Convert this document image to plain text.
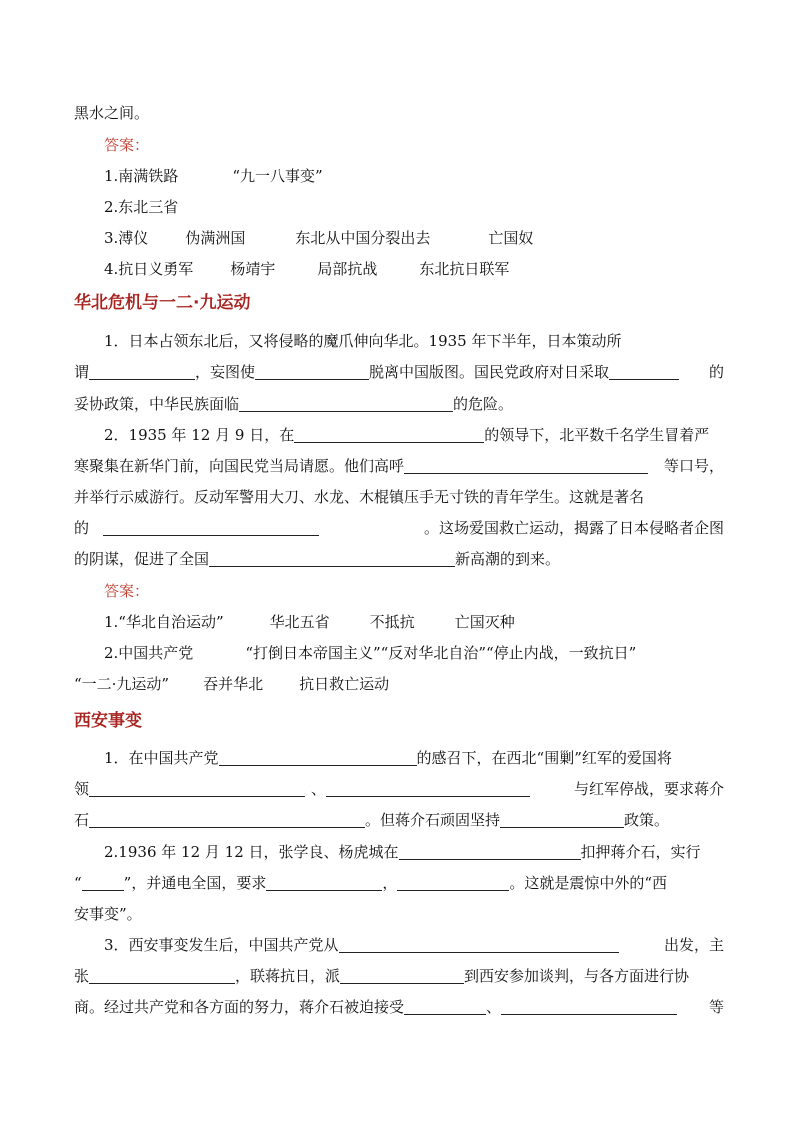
黑水之间。
答案：
1.南满铁路	“九一八事变”
2.东北三省
3.溥仪 伪满洲国	东北从中国分裂出去	亡国奴
4.抗日义勇军 杨靖宇	局部抗战	东北抗日联军
华北危机与一二·九运动
1．日本占领东北后，又将侵略的魔爪伸向华北。1935 年下半年，日本策动所
谓	，妄图使	脱离中国版图。国民党政府对日采取	的
妥协政策，中华民族面临	的危险。
2．1935 年 12 月 9 日，在	的领导下，北平数千名学生冒着严
寒聚集在新华门前，向国民党当局请愿。他们高呼	等口号，
并举行示威游行。反动军警用大刀、水龙、木棍镇压手无寸铁的青年学生。这就是著名
的	。这场爱国救亡运动，揭露了日本侵略者企图
的阴谋，促进了全国	新高潮的到来。
答案：
1.“华北自治运动”	华北五省	不抵抗	亡国灭种
2.中国共产党	“打倒日本帝国主义”“反对华北自治”“停止内战，一致抗日”
“一二·九运动” 吞并华北 抗日救亡运动
西安事变
1．在中国共产党	的感召下，在西北“围剿”红军的爱国将
领	、	与红军停战，要求蒋介
石	。但蒋介石顽固坚持	政策。
2.1936 年 12 月 12 日，张学良、杨虎城在	扣押蒋介石，实行
“	”，并通电全国，要求	，	。这就是震惊中外的“西
安事变”。
3．西安事变发生后，中国共产党从	出发，主
张	，联蒋抗日，派	到西安参加谈判，与各方面进行协
商。经过共产党和各方面的努力，蒋介石被迫接受	、	等
